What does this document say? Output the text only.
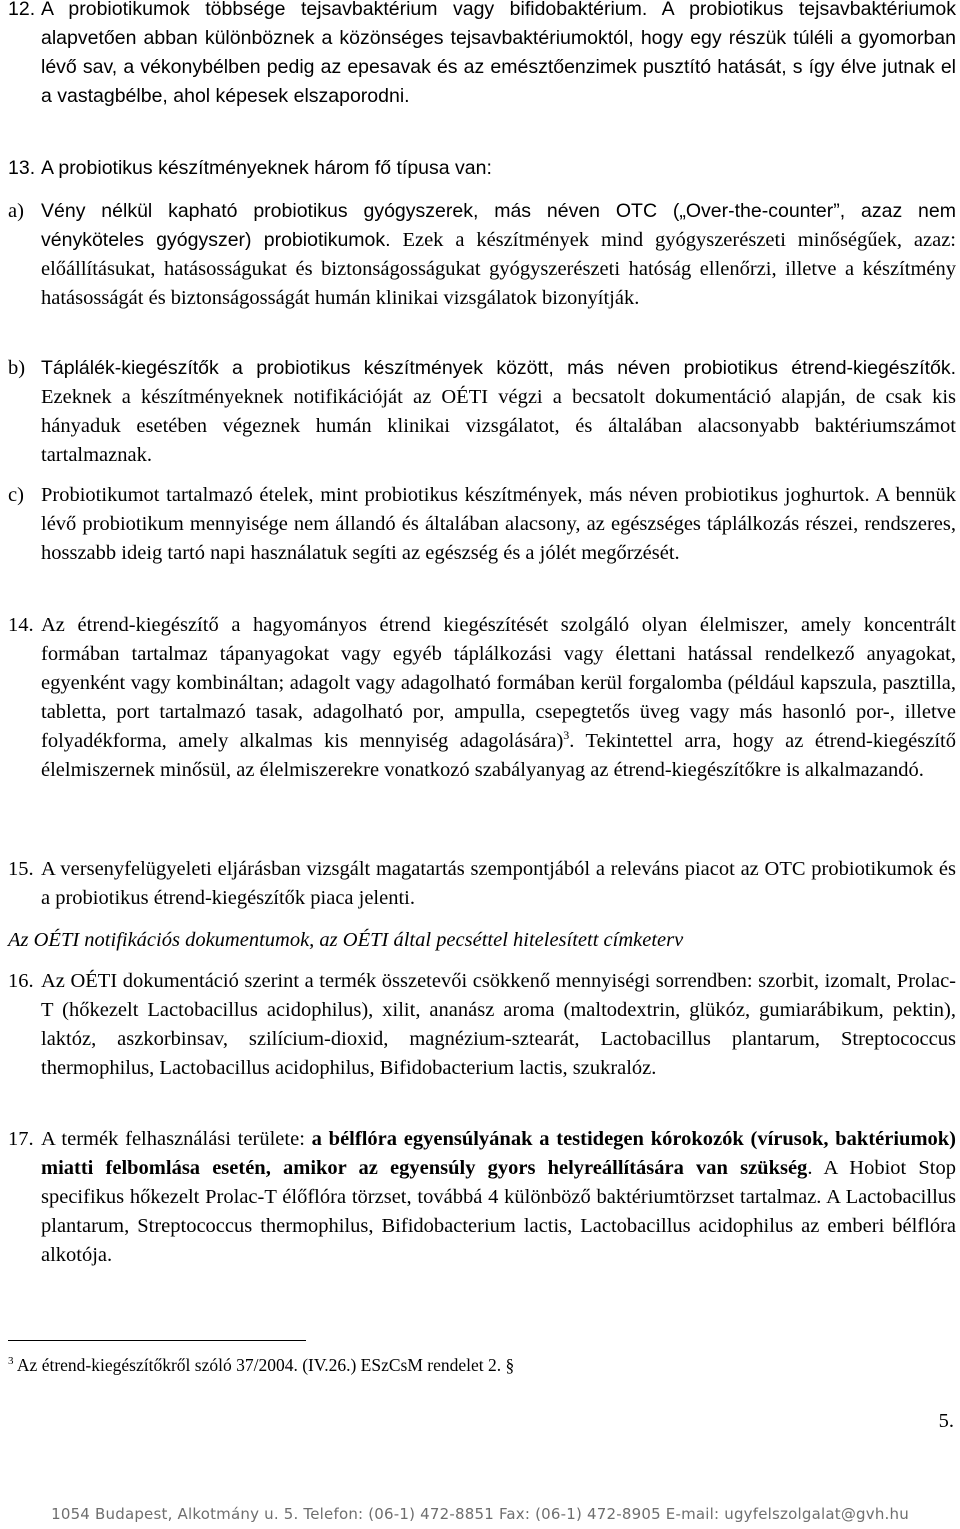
12. A probiotikumok többsége tejsavbaktérium vagy bifidobaktérium. A probiotikus tejsavbaktériumok alapvetően abban különböznek a közönséges tejsavbaktériumoktól, hogy egy részük túléli a gyomorban lévő sav, a vékonybélben pedig az epesavak és az emésztőenzimek pusztító hatását, s így élve jutnak el a vastagbélbe, ahol képesek elszaporodni.
13. A probiotikus készítményeknek három fő típusa van:
a) Vény nélkül kapható probiotikus gyógyszerek, más néven OTC („Over-the-counter”, azaz nem vényköteles gyógyszer) probiotikumok. Ezek a készítmények mind gyógyszerészeti minőségűek, azaz: előállításukat, hatásosságukat és biztonságosságukat gyógyszerészeti hatóság ellenőrzi, illetve a készítmény hatásosságát és biztonságosságát humán klinikai vizsgálatok bizonyítják.
b) Táplálék-kiegészítők a probiotikus készítmények között, más néven probiotikus étrend-kiegészítők. Ezeknek a készítményeknek notifikációját az OÉTI végzi a becsatolt dokumentáció alapján, de csak kis hányaduk esetében végeznek humán klinikai vizsgálatot, és általában alacsonyabb baktériumszámot tartalmaznak.
c) Probiotikumot tartalmazó ételek, mint probiotikus készítmények, más néven probiotikus joghurtok. A bennük lévő probiotikum mennyisége nem állandó és általában alacsony, az egészséges táplálkozás részei, rendszeres, hosszabb ideig tartó napi használatuk segíti az egészség és a jólét megőrzését.
14. Az étrend-kiegészítő a hagyományos étrend kiegészítését szolgáló olyan élelmiszer, amely koncentrált formában tartalmaz tápanyagokat vagy egyéb táplálkozási vagy élettani hatással rendelkező anyagokat, egyenként vagy kombináltan; adagolt vagy adagolható formában kerül forgalomba (például kapszula, pasztilla, tabletta, port tartalmazó tasak, adagolható por, ampulla, csepegtetős üveg vagy más hasonló por-, illetve folyadékforma, amely alkalmas kis mennyiség adagolására)$^3$. Tekintettel arra, hogy az étrend-kiegészítő élelmiszernek minősül, az élelmiszerekre vonatkozó szabályanyag az étrend-kiegészítőkre is alkalmazandó.
15. A versenyfelügyeleti eljárásban vizsgált magatartás szempontjából a releváns piacot az OTC probiotikumok és a probiotikus étrend-kiegészítők piaca jelenti.
Az OÉTI notifikációs dokumentumok, az OÉTI által pecséttel hitelesített címketerv
16. Az OÉTI dokumentáció szerint a termék összetevői csökkenő mennyiségi sorrendben: szorbit, izomalt, Prolac-T (hőkezelt Lactobacillus acidophilus), xilit, ananász aroma (maltodextrin, glükóz, gumiarábikum, pektin), laktóz, aszkorbinsav, szilícium-dioxid, magnézium-sztearát, Lactobacillus plantarum, Streptococcus thermophilus, Lactobacillus acidophilus, Bifidobacterium lactis, szukralóz.
17. A termék felhasználási területe: a bélflóra egyensúlyának a testidegen kórokozók (vírusok, baktériumok) miatti felbomlása esetén, amikor az egyensúly gyors helyreállítására van szükség. A Hobiot Stop specifikus hőkezelt Prolac-T élőflóra törzset, továbbá 4 különböző baktériumtörzset tartalmaz. A Lactobacillus plantarum, Streptococcus thermophilus, Bifidobacterium lactis, Lactobacillus acidophilus az emberi bélflóra alkotója.
$^3$ Az étrend-kiegészítőkről szóló 37/2004. (IV.26.) ESzCsM rendelet 2. §
5.
1054 Budapest, Alkotmány u. 5. Telefon: (06-1) 472-8851 Fax: (06-1) 472-8905 E-mail: ugyfelszolgalat@gvh.hu
